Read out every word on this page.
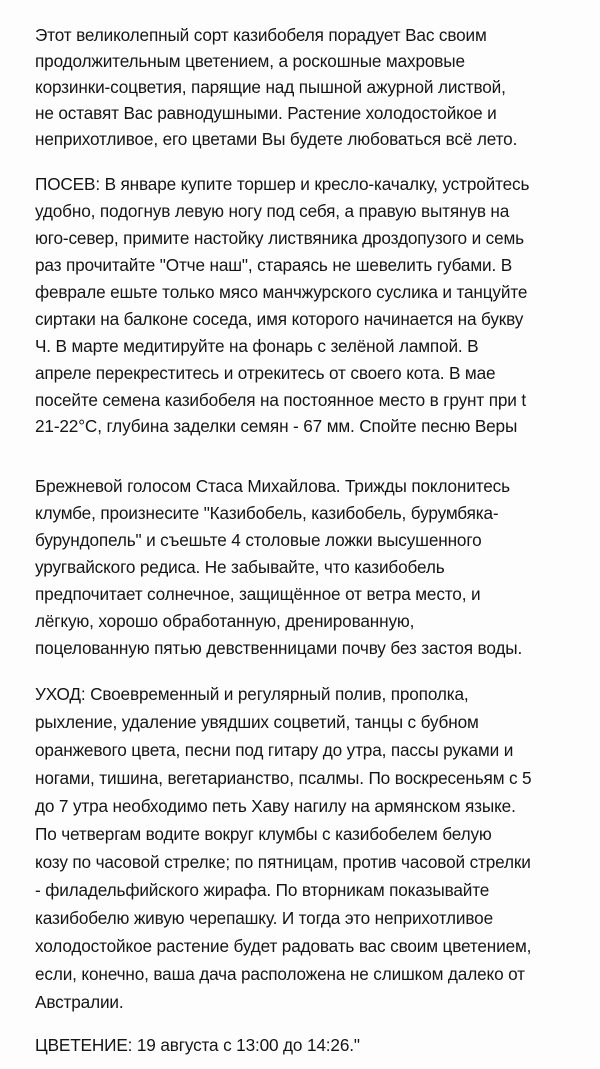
Этот великолепный сорт казибобеля порадует Вас своим
продолжительным цветением, а роскошные махровые
корзинки-соцветия, парящие над пышной ажурной листвой,
не оставят Вас равнодушными. Растение холодостойкое и
неприхотливое, его цветами Вы будете любоваться всё лето.
ПОСЕВ: В январе купите торшер и кресло-качалку, устройтесь
удобно, подогнув левую ногу под себя, а правую вытянув на
юго-север, примите настойку листвяника дроздопузого и семь
раз прочитайте "Отче наш", стараясь не шевелить губами. В
феврале ешьте только мясо манчжурского суслика и танцуйте
сиртаки на балконе соседа, имя которого начинается на букву
Ч. В марте медитируйте на фонарь с зелёной лампой. В
апреле перекреститесь и отрекитесь от своего кота. В мае
посейте семена казибобеля на постоянное место в грунт при t
21-22°С, глубина заделки семян - 67 мм. Спойте песню Веры
Брежневой голосом Стаса Михайлова. Трижды поклонитесь
клумбе, произнесите "Казибобель, казибобель, бурумбяка-
бурундопель" и съешьте 4 столовые ложки высушенного
уругвайского редиса. Не забывайте, что казибобель
предпочитает солнечное, защищённое от ветра место, и
лёгкую, хорошо обработанную, дренированную,
поцелованную пятью девственницами почву без застоя воды.
УХОД: Своевременный и регулярный полив, прополка,
рыхление, удаление увядших соцветий, танцы с бубном
оранжевого цвета, песни под гитару до утра, пассы руками и
ногами, тишина, вегетарианство, псалмы. По воскресеньям с 5
до 7 утра необходимо петь Хаву нагилу на армянском языке.
По четвергам водите вокруг клумбы с казибобелем белую
козу по часовой стрелке; по пятницам, против часовой стрелки
- филадельфийского жирафа. По вторникам показывайте
казибобелю живую черепашку. И тогда это неприхотливое
холодостойкое растение будет радовать вас своим цветением,
если, конечно, ваша дача расположена не слишком далеко от
Австралии.
ЦВЕТЕНИЕ: 19 августа с 13:00 до 14:26."
